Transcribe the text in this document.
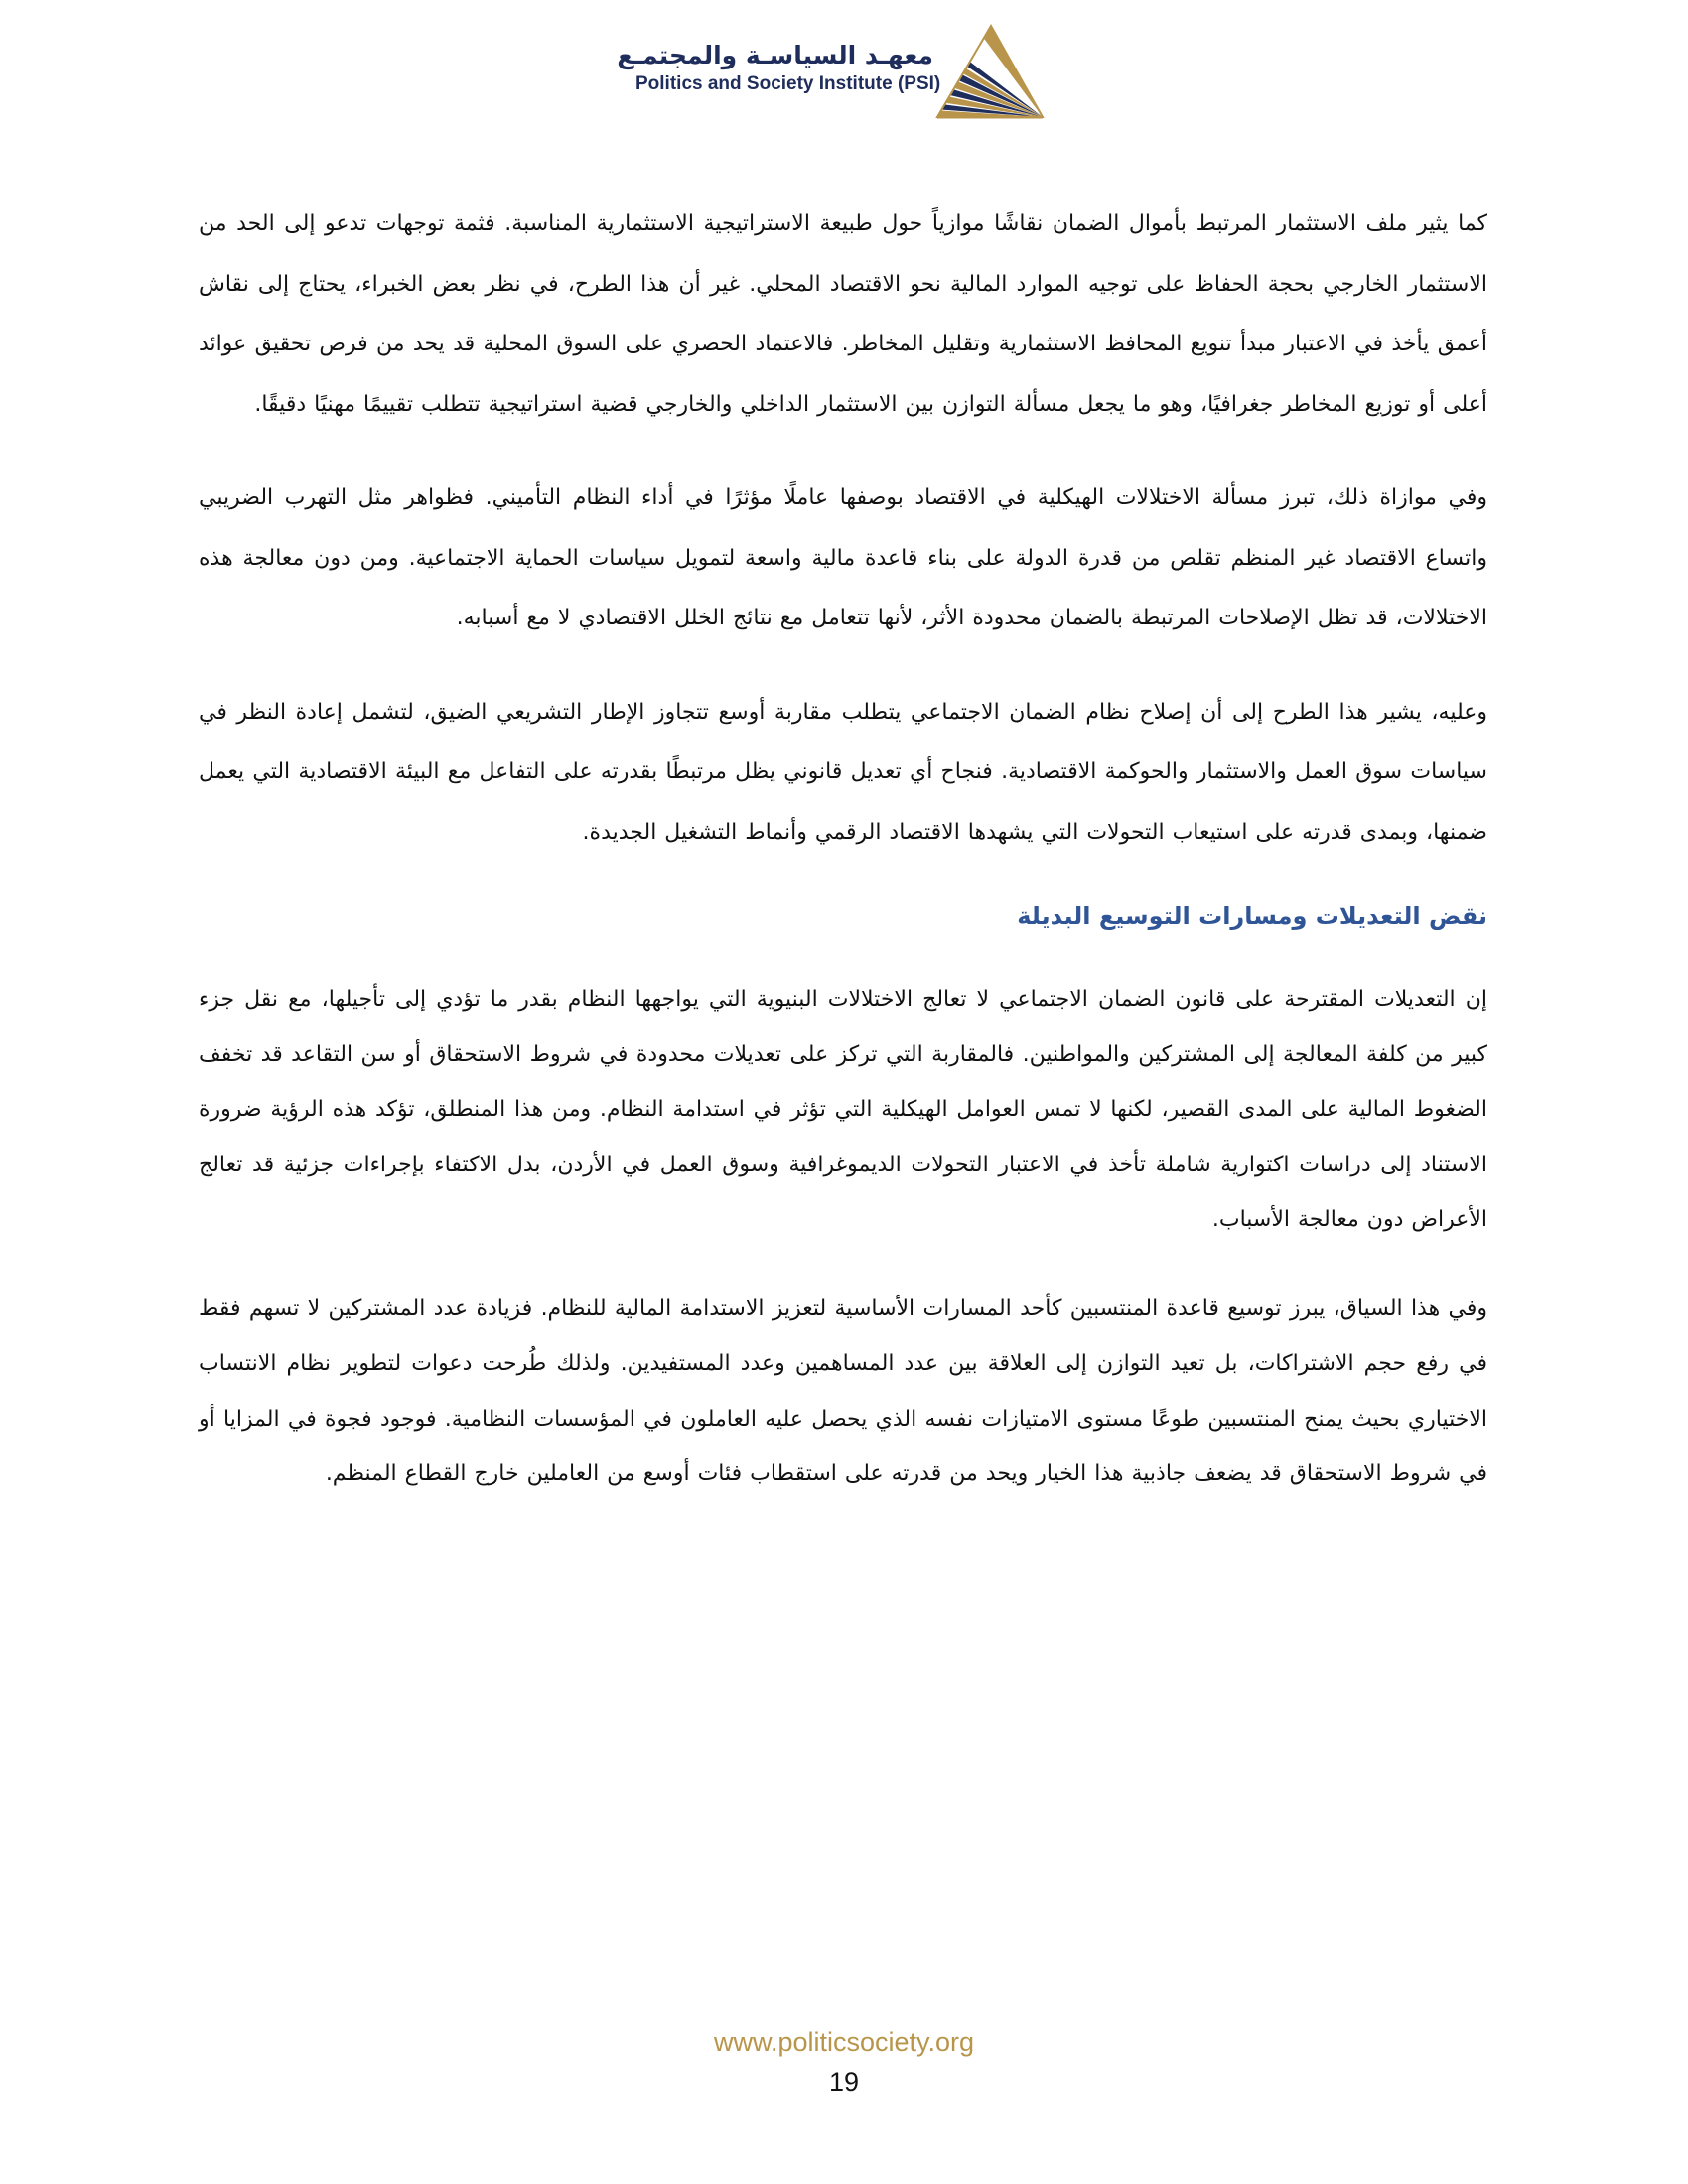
معهـد السياسـة والمجتمـع
Politics and Society Institute (PSI)

كما يثير ملف الاستثمار المرتبط بأموال الضمان نقاشًا موازياً حول طبيعة الاستراتيجية الاستثمارية المناسبة. فثمة توجهات تدعو إلى الحد من الاستثمار الخارجي بحجة الحفاظ على توجيه الموارد المالية نحو الاقتصاد المحلي. غير أن هذا الطرح، في نظر بعض الخبراء، يحتاج إلى نقاش أعمق يأخذ في الاعتبار مبدأ تنويع المحافظ الاستثمارية وتقليل المخاطر. فالاعتماد الحصري على السوق المحلية قد يحد من فرص تحقيق عوائد أعلى أو توزيع المخاطر جغرافيًا، وهو ما يجعل مسألة التوازن بين الاستثمار الداخلي والخارجي قضية استراتيجية تتطلب تقييمًا مهنيًا دقيقًا.

وفي موازاة ذلك، تبرز مسألة الاختلالات الهيكلية في الاقتصاد بوصفها عاملًا مؤثرًا في أداء النظام التأميني. فظواهر مثل التهرب الضريبي واتساع الاقتصاد غير المنظم تقلص من قدرة الدولة على بناء قاعدة مالية واسعة لتمويل سياسات الحماية الاجتماعية. ومن دون معالجة هذه الاختلالات، قد تظل الإصلاحات المرتبطة بالضمان محدودة الأثر، لأنها تتعامل مع نتائج الخلل الاقتصادي لا مع أسبابه.

وعليه، يشير هذا الطرح إلى أن إصلاح نظام الضمان الاجتماعي يتطلب مقاربة أوسع تتجاوز الإطار التشريعي الضيق، لتشمل إعادة النظر في سياسات سوق العمل والاستثمار والحوكمة الاقتصادية. فنجاح أي تعديل قانوني يظل مرتبطًا بقدرته على التفاعل مع البيئة الاقتصادية التي يعمل ضمنها، وبمدى قدرته على استيعاب التحولات التي يشهدها الاقتصاد الرقمي وأنماط التشغيل الجديدة.

نقض التعديلات ومسارات التوسيع البديلة

إن التعديلات المقترحة على قانون الضمان الاجتماعي لا تعالج الاختلالات البنيوية التي يواجهها النظام بقدر ما تؤدي إلى تأجيلها، مع نقل جزء كبير من كلفة المعالجة إلى المشتركين والمواطنين. فالمقاربة التي تركز على تعديلات محدودة في شروط الاستحقاق أو سن التقاعد قد تخفف الضغوط المالية على المدى القصير، لكنها لا تمس العوامل الهيكلية التي تؤثر في استدامة النظام. ومن هذا المنطلق، تؤكد هذه الرؤية ضرورة الاستناد إلى دراسات اكتوارية شاملة تأخذ في الاعتبار التحولات الديموغرافية وسوق العمل في الأردن، بدل الاكتفاء بإجراءات جزئية قد تعالج الأعراض دون معالجة الأسباب.

وفي هذا السياق، يبرز توسيع قاعدة المنتسبين كأحد المسارات الأساسية لتعزيز الاستدامة المالية للنظام. فزيادة عدد المشتركين لا تسهم فقط في رفع حجم الاشتراكات، بل تعيد التوازن إلى العلاقة بين عدد المساهمين وعدد المستفيدين. ولذلك طُرحت دعوات لتطوير نظام الانتساب الاختياري بحيث يمنح المنتسبين طوعًا مستوى الامتيازات نفسه الذي يحصل عليه العاملون في المؤسسات النظامية. فوجود فجوة في المزايا أو في شروط الاستحقاق قد يضعف جاذبية هذا الخيار ويحد من قدرته على استقطاب فئات أوسع من العاملين خارج القطاع المنظم.

www.politicsociety.org
19
